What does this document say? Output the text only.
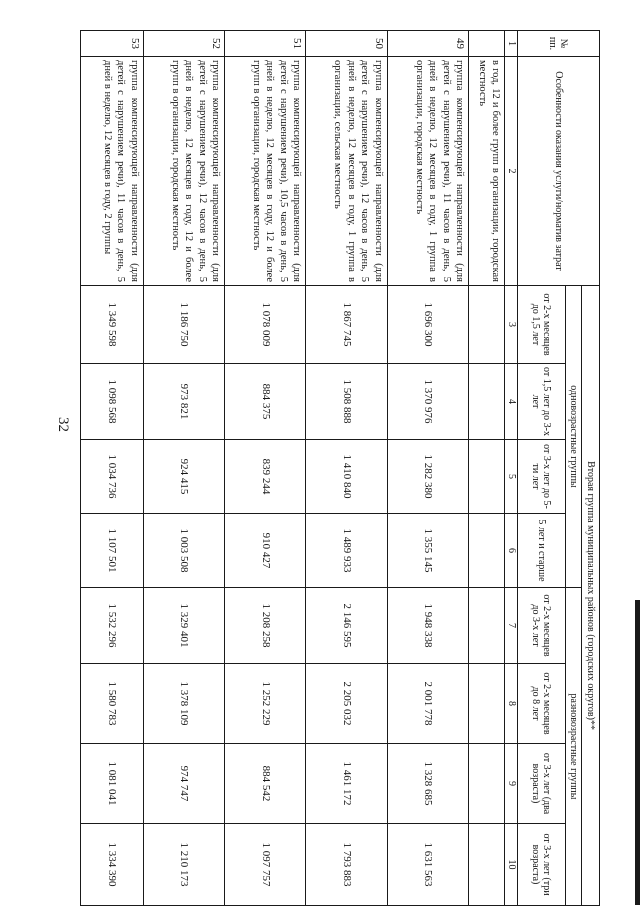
32
№ пп.	Особенности оказания услуги/норматив затрат	Вторая группа муниципальных районов (городских округов)**							
		одновозрастные группы				разновозрастные группы			
		от 2-х месяцев до 1,5 лет	от 1,5 лет до 3-х лет	от 3-х лет до 5-ти лет	5 лет и старше	от 2-х месяцев до 3-х лет	от 2-х месяцев до 8 лет	от 3-х лет (два возраста)	от 3-х лет (три возраста)
1	2	3	4	5	6	7	8	9	10
	в год, 12 и более групп в организации, городская местность								
49	группа компенсирующей направленности (для детей с нарушением речи), 11 часов в день, 5 дней в неделю, 12 месяцев в году, 1 группа в организации, городская местность	1 696 300	1 370 976	1 282 380	1 355 145	1 948 338	2 001 778	1 328 685	1 631 563
50	группа компенсирующей направленности (для детей с нарушением речи), 12 часов в день, 5 дней в неделю, 12 месяцев в году, 1 группа в организации, сельская местность	1 867 745	1 508 888	1 410 840	1 489 933	2 146 595	2 205 032	1 461 172	1 793 883
51	группа компенсирующей направленности (для детей с нарушением речи), 10,5 часов в день, 5 дней в неделю, 12 месяцев в году, 12 и более групп в организации, городская местность	1 078 009	884 375	839 244	910 427	1 208 258	1 252 229	884 542	1 097 757
52	группа компенсирующей направленности (для детей с нарушением речи), 12 часов в день, 5 дней в неделю, 12 месяцев в году, 12 и более групп в организации, городская местность	1 186 750	973 821	924 415	1 003 508	1 329 401	1 378 109	974 747	1 210 173
53	группа компенсирующей направленности (для детей с нарушением речи), 11 часов в день, 5 дней в неделю, 12 месяцев в году, 2 группы	1 349 598	1 098 568	1 034 736	1 107 501	1 532 296	1 580 783	1 081 041	1 334 390
